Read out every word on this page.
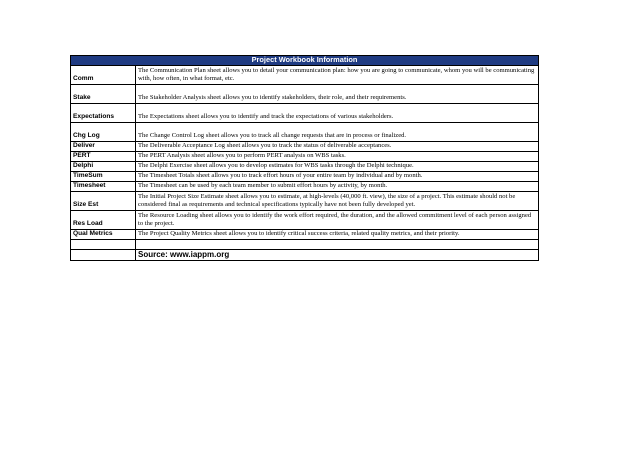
Project Workbook Information	
Comm	The Communication Plan sheet allows you to detail your communication plan: how you are going to communicate, whom you will be communicating with, how often, in what format, etc.
Stake	The Stakeholder Analysis sheet allows you to identify stakeholders, their role, and their requirements.
Expectations	The Expectations sheet allows you to identify and track the expectations of various stakeholders.
Chg Log	The Change Control Log sheet allows you to track all change requests that are in process or finalized.
Deliver	The Deliverable Acceptance Log sheet allows you to track the status of deliverable acceptances.
PERT	The PERT Analysis sheet allows you to perform PERT analysis on WBS tasks.
Delphi	The Delphi Exercise sheet allows you to develop estimates for WBS tasks through the Delphi technique.
TimeSum	The Timesheet Totals sheet allows you to track effort hours of your entire team by individual and by month.
Timesheet	The Timesheet can be used by each team member to submit effort hours by activity, by month.
Size Est	The Initial Project Size Estimate sheet allows you to estimate, at high-levels (40,000 ft. view), the size of a project. This estimate should not be considered final as requirements and technical specifications typically have not been fully developed yet.
Res Load	The Resource Loading sheet allows you to identify the work effort required, the duration, and the allowed commitment level of each person assigned to the project.
Qual Metrics	The Project Quality Metrics sheet allows you to identify critical success criteria, related quality metrics, and their priority.

	Source: www.iappm.org
